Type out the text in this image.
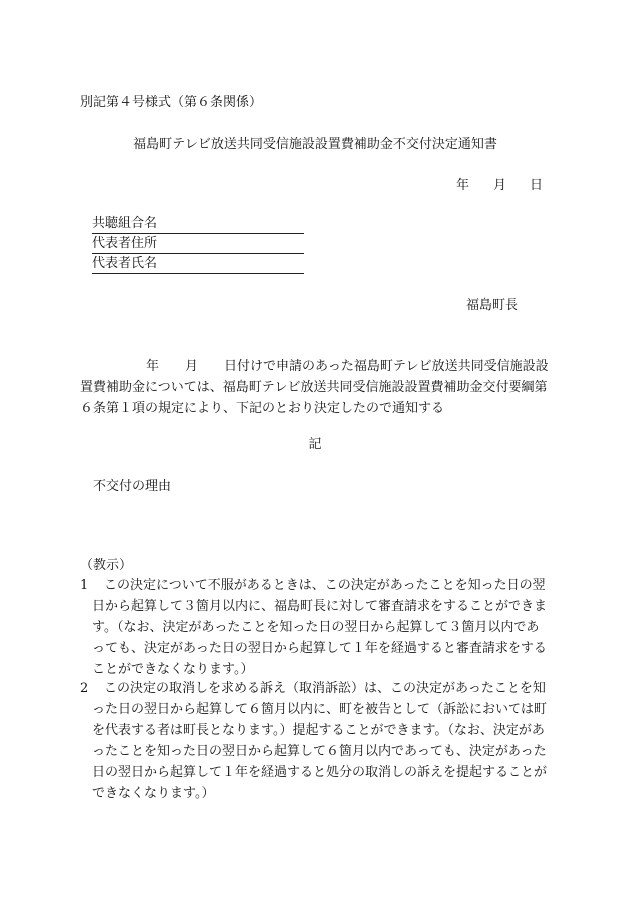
別記第４号様式（第６条関係）
福島町テレビ放送共同受信施設設置費補助金不交付決定通知書
年 月 日
共聴組合名
代表者住所
代表者氏名
福島町長
年 月 日付けで申請のあった福島町テレビ放送共同受信施設設置費補助金については、福島町テレビ放送共同受信施設設置費補助金交付要綱第６条第１項の規定により、下記のとおり決定したので通知する
記
不交付の理由
（教示）
1	この決定について不服があるときは、この決定があったことを知った日の翌日から起算して３箇月以内に、福島町長に対して審査請求をすることができます。（なお、決定があったことを知った日の翌日から起算して３箇月以内であっても、決定があった日の翌日から起算して１年を経過すると審査請求をすることができなくなります。）
2	この決定の取消しを求める訴え（取消訴訟）は、この決定があったことを知った日の翌日から起算して６箇月以内に、町を被告として（訴訟においては町を代表する者は町長となります。）提起することができます。（なお、決定があったことを知った日の翌日から起算して６箇月以内であっても、決定があった日の翌日から起算して１年を経過すると処分の取消しの訴えを提起することができなくなります。）
